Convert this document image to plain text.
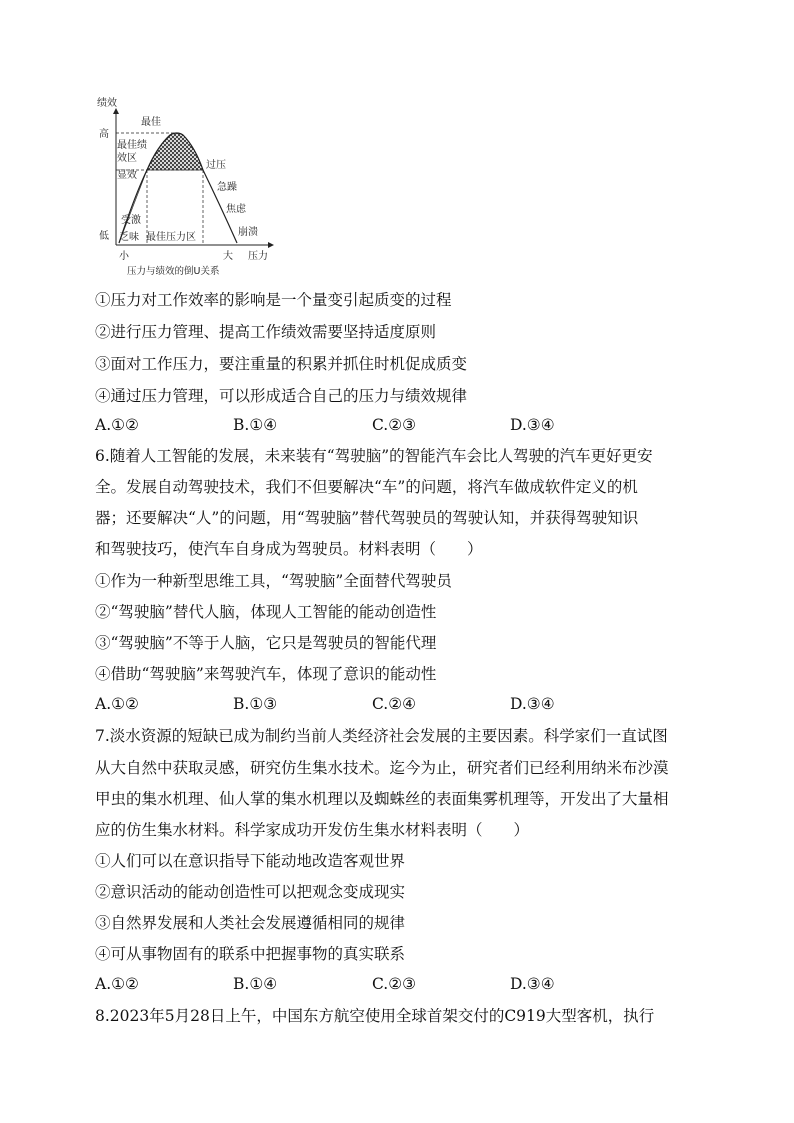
绩效
高
低
最佳
最佳绩
效区
显效
受激
乏味 最佳压力区
过压
急躁
焦虑
崩溃
小	大 压力
压力与绩效的倒U关系

①压力对工作效率的影响是一个量变引起质变的过程

②进行压力管理、提高工作绩效需要坚持适度原则

③面对工作压力，要注重量的积累并抓住时机促成质变

④通过压力管理，可以形成适合自己的压力与绩效规律

A.①②	B.①④	C.②③	D.③④

6.随着人工智能的发展，未来装有“驾驶脑”的智能汽车会比人驾驶的汽车更好更安

全。发展自动驾驶技术，我们不但要解决“车”的问题，将汽车做成软件定义的机

器；还要解决“人”的问题，用“驾驶脑”替代驾驶员的驾驶认知，并获得驾驶知识

和驾驶技巧，使汽车自身成为驾驶员。材料表明（　　）

①作为一种新型思维工具，“驾驶脑”全面替代驾驶员

②“驾驶脑”替代人脑，体现人工智能的能动创造性

③“驾驶脑”不等于人脑，它只是驾驶员的智能代理

④借助“驾驶脑”来驾驶汽车，体现了意识的能动性

A.①②	B.①③	C.②④	D.③④

7.淡水资源的短缺已成为制约当前人类经济社会发展的主要因素。科学家们一直试图

从大自然中获取灵感，研究仿生集水技术。迄今为止，研究者们已经利用纳米布沙漠

甲虫的集水机理、仙人掌的集水机理以及蜘蛛丝的表面集雾机理等，开发出了大量相

应的仿生集水材料。科学家成功开发仿生集水材料表明（　　）

①人们可以在意识指导下能动地改造客观世界

②意识活动的能动创造性可以把观念变成现实

③自然界发展和人类社会发展遵循相同的规律

④可从事物固有的联系中把握事物的真实联系

A.①②	B.①④	C.②③	D.③④

8.2023年5月28日上午，中国东方航空使用全球首架交付的C919大型客机，执行
